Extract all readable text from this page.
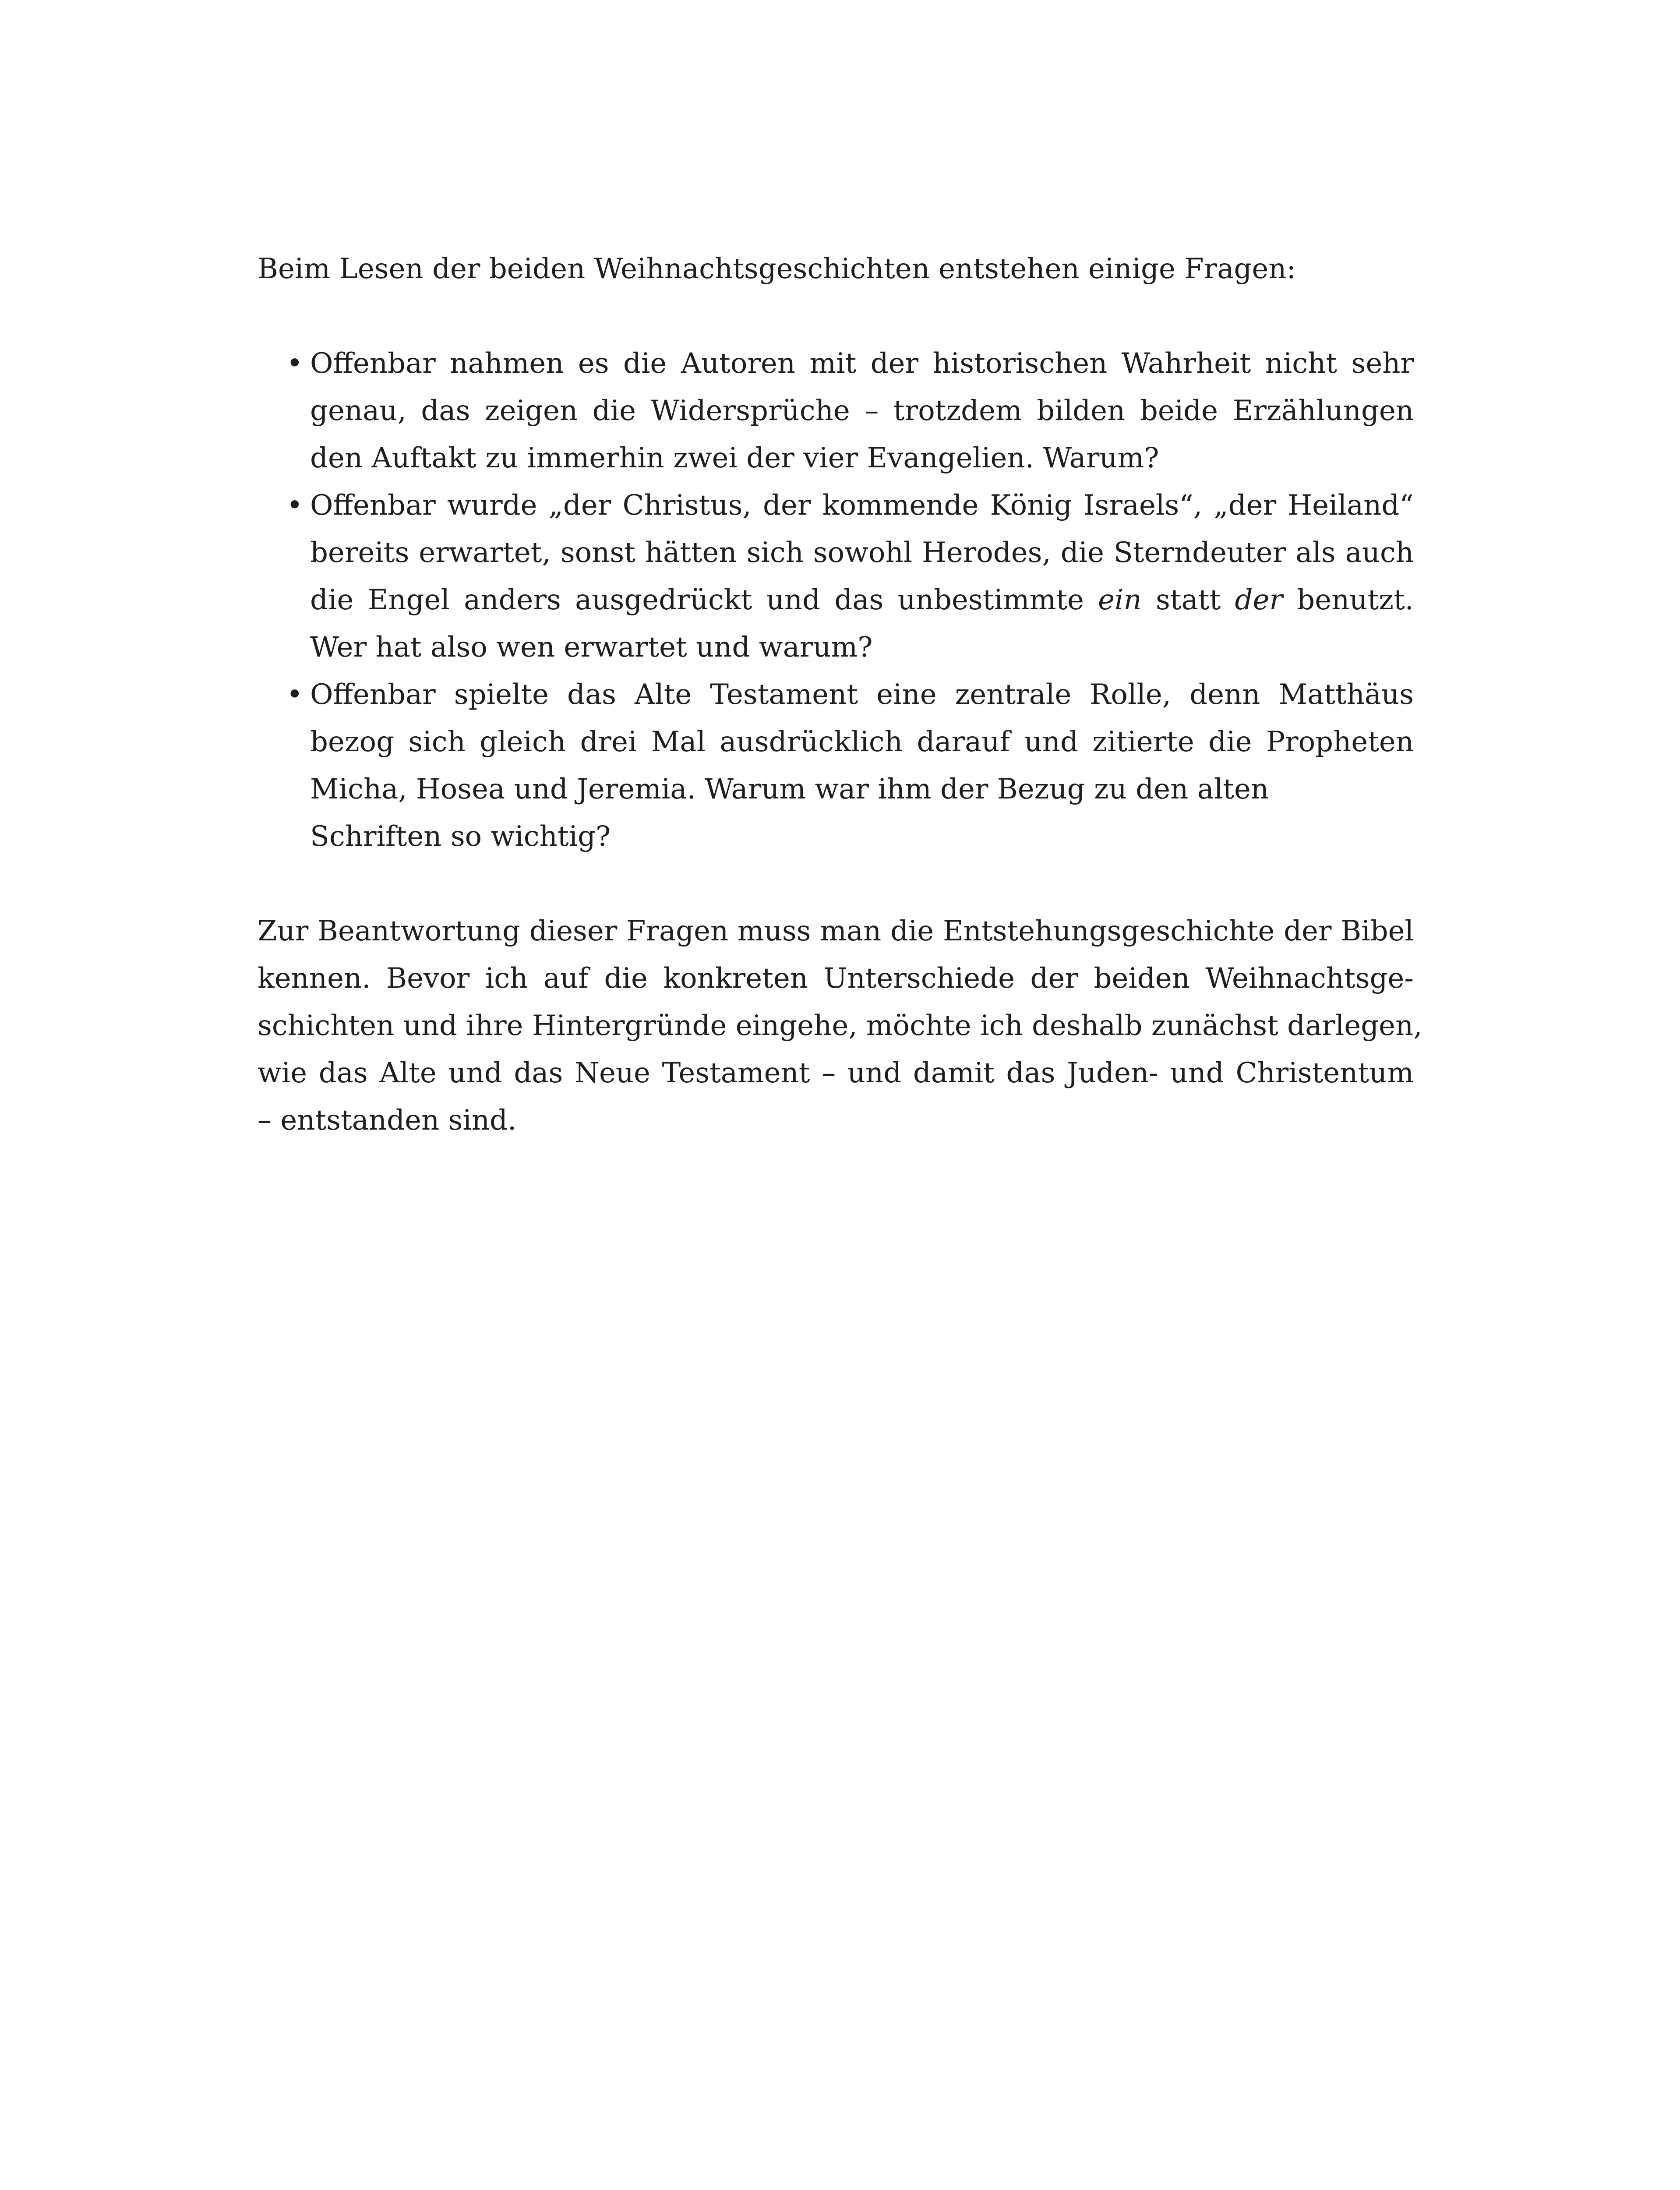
Beim Lesen der beiden Weihnachtsgeschichten entstehen einige Fragen:

• Offenbar nahmen es die Autoren mit der historischen Wahrheit nicht sehr
genau, das zeigen die Widersprüche – trotzdem bilden beide Erzählungen
den Auftakt zu immerhin zwei der vier Evangelien. Warum?
• Offenbar wurde „der Christus, der kommende König Israels“, „der Heiland“
bereits erwartet, sonst hätten sich sowohl Herodes, die Sterndeuter als auch
die Engel anders ausgedrückt und das unbestimmte ein statt der benutzt.
Wer hat also wen erwartet und warum?
• Offenbar spielte das Alte Testament eine zentrale Rolle, denn Matthäus
bezog sich gleich drei Mal ausdrücklich darauf und zitierte die Propheten
Micha, Hosea und Jeremia. Warum war ihm der Bezug zu den alten
Schriften so wichtig?

Zur Beantwortung dieser Fragen muss man die Entstehungsgeschichte der Bibel
kennen. Bevor ich auf die konkreten Unterschiede der beiden Weihnachtsge-
schichten und ihre Hintergründe eingehe, möchte ich deshalb zunächst darlegen,
wie das Alte und das Neue Testament – und damit das Juden- und Christentum
– entstanden sind.
